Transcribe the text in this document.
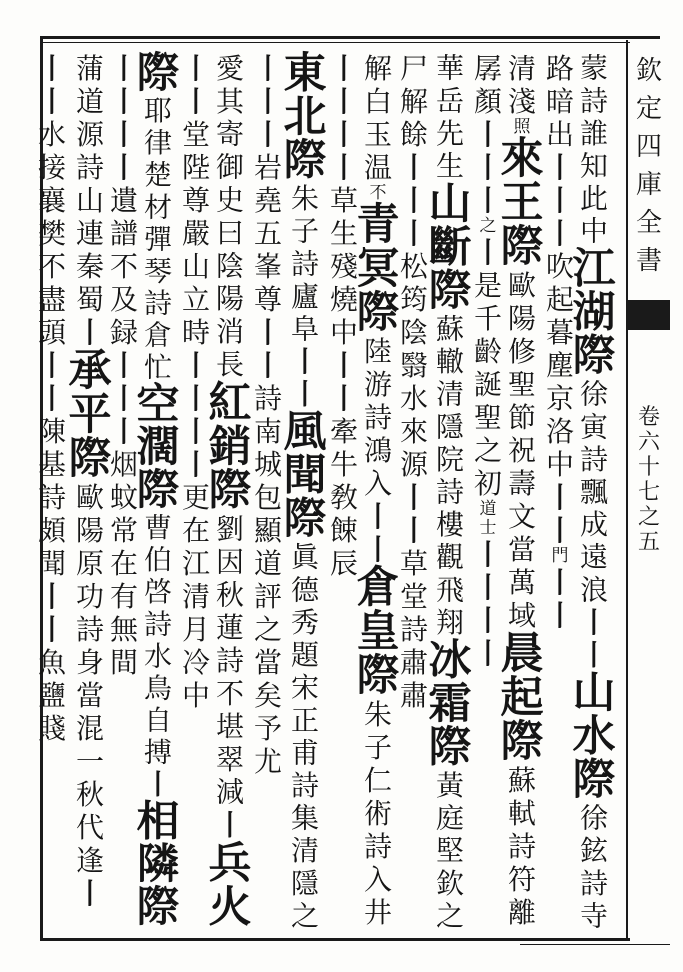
欽
定
四
庫
全
書
卷
六
十
七
之
五
蒙
詩
誰
知
此
中
江
湖
際
徐
寅
詩
飄
成
遠
浪
丨
丨
山
水
際
徐
鉉
詩
寺
路
暗
出
丨
丨
丨
吹
起
暮
塵
京
洛
中
丨
丨
門
丨
丨
清
淺
照
來
王
際
歐
陽
修
聖
節
祝
壽
文
當
萬
域
晨
起
際
蘇
軾
詩
符
離
孱
顏
丨
丨
丨
之
丨
是
千
齡
誕
聖
之
初
道
士
丨
丨
丨
丨
華
岳
先
生
山
斷
際
蘇
轍
清
隱
院
詩
樓
觀
飛
翔
冰
霜
際
黃
庭
堅
欽
之
尸
解
餘
丨
丨
丨
松
筠
陰
翳
水
來
源
丨
丨
草
堂
詩
肅
肅
解
白
玉
温
不
青
冥
際
陸
游
詩
鴻
入
丨
丨
倉
皇
際
朱
子
仁
術
詩
入
井
丨
丨
丨
丨
草
生
殘
燒
中
丨
丨
牽
牛
敎
餗
辰
東
北
際
朱
子
詩
廬
阜
丨
丨
風
聞
際
眞
德
秀
題
宋
正
甫
詩
集
清
隱
之
丨
丨
丨
岩
堯
五
峯
尊
丨
丨
詩
南
城
包
顯
道
評
之
當
矣
予
尤
愛
其
寄
御
史
曰
陰
陽
消
長
紅
銷
際
劉
因
秋
蓮
詩
不
堪
翠
減
丨
兵
火
丨
丨
堂
陛
尊
嚴
山
立
時
丨
丨
丨
丨
更
在
江
清
月
冷
中
際
耶
律
楚
材
彈
琴
詩
倉
忙
空
濶
際
曹
伯
啓
詩
水
鳥
自
搏
丨
相
隣
際
丨
丨
丨
丨
遺
譜
不
及
録
丨
丨
丨
烟
蚊
常
在
有
無
間
蒲
道
源
詩
山
連
秦
蜀
丨
承
平
際
歐
陽
原
功
詩
身
當
混
一
秋
代
逢
丨
丨
丨
水
接
襄
樊
不
盡
頭
丨
丨
陳
基
詩
頗
聞
丨
丨
魚
鹽
賤
